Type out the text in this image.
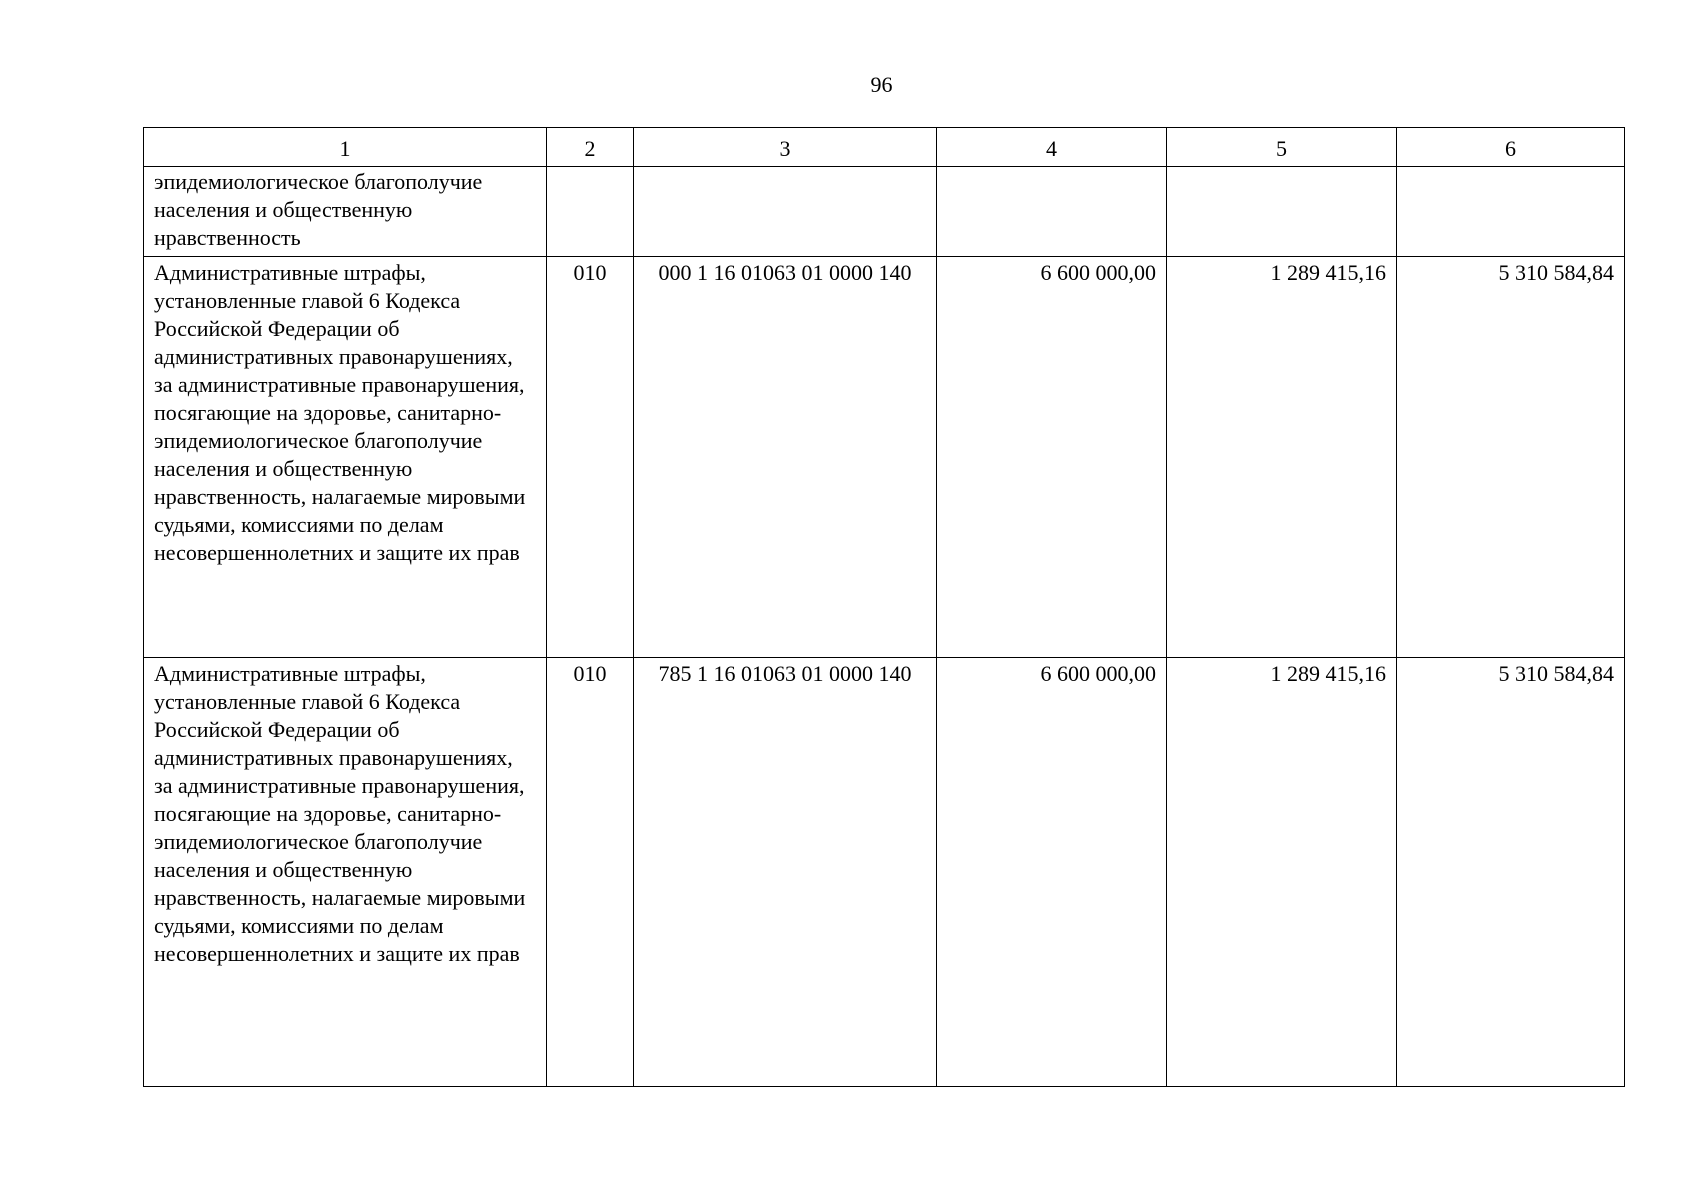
96
1	2	3	4	5	6
эпидемиологическое благополучие населения и общественную нравственность					
Административные штрафы, установленные главой 6 Кодекса Российской Федерации об административных правонарушениях, за административные правонарушения, посягающие на здоровье, санитарно-эпидемиологическое благополучие населения и общественную нравственность, налагаемые мировыми судьями, комиссиями по делам несовершеннолетних и защите их прав	010	000 1 16 01063 01 0000 140	6 600 000,00	1 289 415,16	5 310 584,84
Административные штрафы, установленные главой 6 Кодекса Российской Федерации об административных правонарушениях, за административные правонарушения, посягающие на здоровье, санитарно-эпидемиологическое благополучие населения и общественную нравственность, налагаемые мировыми судьями, комиссиями по делам несовершеннолетних и защите их прав	010	785 1 16 01063 01 0000 140	6 600 000,00	1 289 415,16	5 310 584,84
